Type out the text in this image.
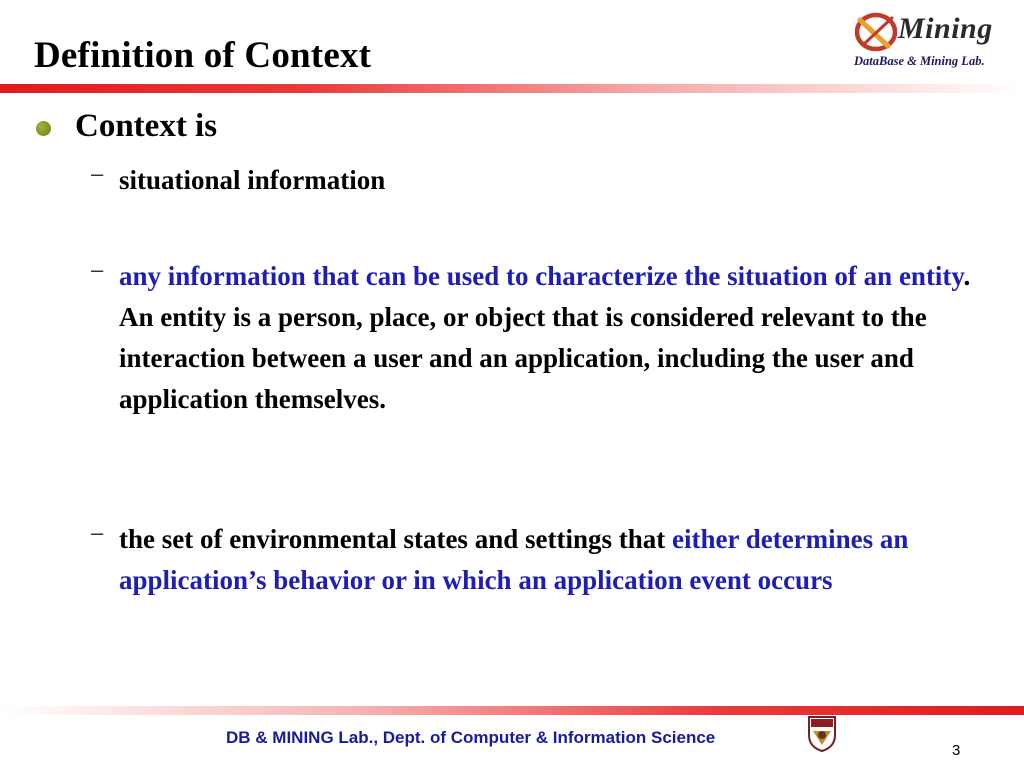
Definition of Context
Mining
DataBase & Mining Lab.
Context is
– situational information
– any information that can be used to characterize the situation of an entity. An entity is a person, place, or object that is considered relevant to the interaction between a user and an application, including the user and application themselves.
– the set of environmental states and settings that either determines an application’s behavior or in which an application event occurs
DB & MINING Lab., Dept. of Computer & Information Science
3
